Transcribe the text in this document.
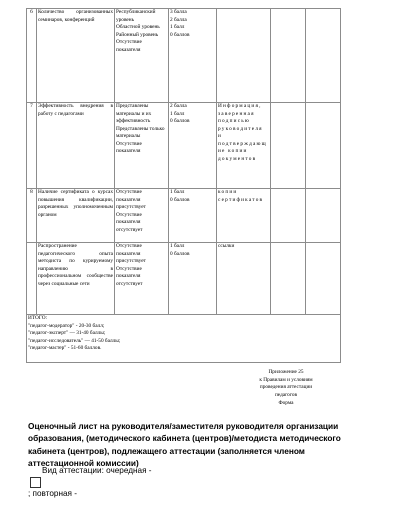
6	Количество организованных семинаров, конференций	Республиканский уровень
Областной уровень
Районный уровень
Отсутствие показателя	3 балла
2 балла
1 балл
0 баллов			

7	Эффективность внедрения в работу с педагогами	Представлены материалы и их эффективность
Представлены только материалы
Отсутствие показателя	2 балла
1 балл
0 баллов	Информация, заверенная подписью руководителя и подтверждающие копии документов		
8	Наличие сертификата о курсах повышения квалификации, разрешенных уполномоченным органом	Отсутствие показателя присутствует
Отсутствие показателя отсутствует	1 балл
0 баллов	копии сертификатов		
	Распространение педагогического опыта методиста по курируемому направлению в профессиональном сообществе через социальные сети	Отсутствие показателя присутствует
Отсутствие показателя отсутствует	1 балл
0 баллов	ссылки		

ИТОГО:
"педагог-модератор" - 20-30 балл;
"педагог-эксперт" — 31-40 баллы;
"педагог-исследователь" — 41-50 баллы;
"педагог-мастер" - 51-60 баллов.						
Приложение 25
к Правилам и условиям
проведения аттестации
педагогов
Форма
Оценочный лист на руководителя/заместителя руководителя организации образования, (методического кабинета (центров)/методиста методического кабинета (центров), подлежащего аттестации (заполняется членом аттестационной комиссии)
Вид аттестации: очередная -
; повторная -
